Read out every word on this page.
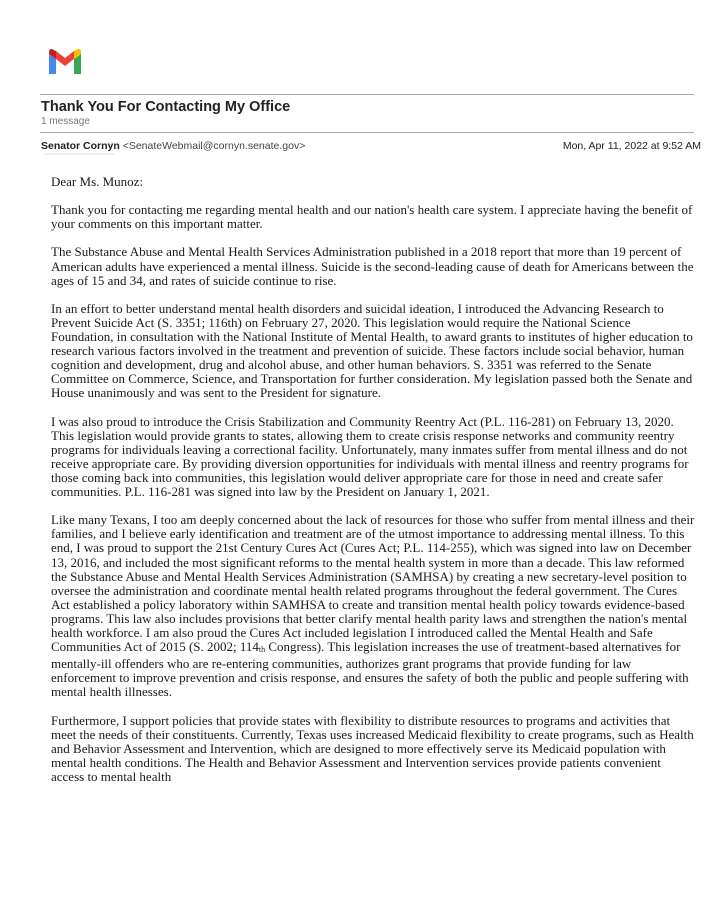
Thank You For Contacting My Office
1 message
Senator Cornyn <SenateWebmail@cornyn.senate.gov>	Mon, Apr 11, 2022 at 9:52 AM

Dear Ms. Munoz:

Thank you for contacting me regarding mental health and our nation's health care system. I appreciate having the benefit of your comments on this important matter.

The Substance Abuse and Mental Health Services Administration published in a 2018 report that more than 19 percent of American adults have experienced a mental illness. Suicide is the second-leading cause of death for Americans between the ages of 15 and 34, and rates of suicide continue to rise.

In an effort to better understand mental health disorders and suicidal ideation, I introduced the Advancing Research to Prevent Suicide Act (S. 3351; 116th) on February 27, 2020. This legislation would require the National Science Foundation, in consultation with the National Institute of Mental Health, to award grants to institutes of higher education to research various factors involved in the treatment and prevention of suicide. These factors include social behavior, human cognition and development, drug and alcohol abuse, and other human behaviors. S. 3351 was referred to the Senate Committee on Commerce, Science, and Transportation for further consideration. My legislation passed both the Senate and House unanimously and was sent to the President for signature.

I was also proud to introduce the Crisis Stabilization and Community Reentry Act (P.L. 116-281) on February 13, 2020. This legislation would provide grants to states, allowing them to create crisis response networks and community reentry programs for individuals leaving a correctional facility. Unfortunately, many inmates suffer from mental illness and do not receive appropriate care. By providing diversion opportunities for individuals with mental illness and reentry programs for those coming back into communities, this legislation would deliver appropriate care for those in need and create safer communities. P.L. 116-281 was signed into law by the President on January 1, 2021.

Like many Texans, I too am deeply concerned about the lack of resources for those who suffer from mental illness and their families, and I believe early identification and treatment are of the utmost importance to addressing mental illness. To this end, I was proud to support the 21st Century Cures Act (Cures Act; P.L. 114-255), which was signed into law on December 13, 2016, and included the most significant reforms to the mental health system in more than a decade. This law reformed the Substance Abuse and Mental Health Services Administration (SAMHSA) by creating a new secretary-level position to oversee the administration and coordinate mental health related programs throughout the federal government. The Cures Act established a policy laboratory within SAMHSA to create and transition mental health policy towards evidence-based programs. This law also includes provisions that better clarify mental health parity laws and strengthen the nation's mental health workforce. I am also proud the Cures Act included legislation I introduced called the Mental Health and Safe Communities Act of 2015 (S. 2002; $114_{th}$ Congress). This legislation increases the use of treatment-based alternatives for mentally-ill offenders who are re-entering communities, authorizes grant programs that provide funding for law enforcement to improve prevention and crisis response, and ensures the safety of both the public and people suffering with mental health illnesses.

Furthermore, I support policies that provide states with flexibility to distribute resources to programs and activities that meet the needs of their constituents. Currently, Texas uses increased Medicaid flexibility to create programs, such as Health and Behavior Assessment and Intervention, which are designed to more effectively serve its Medicaid population with mental health conditions. The Health and Behavior Assessment and Intervention services provide patients convenient access to mental health
